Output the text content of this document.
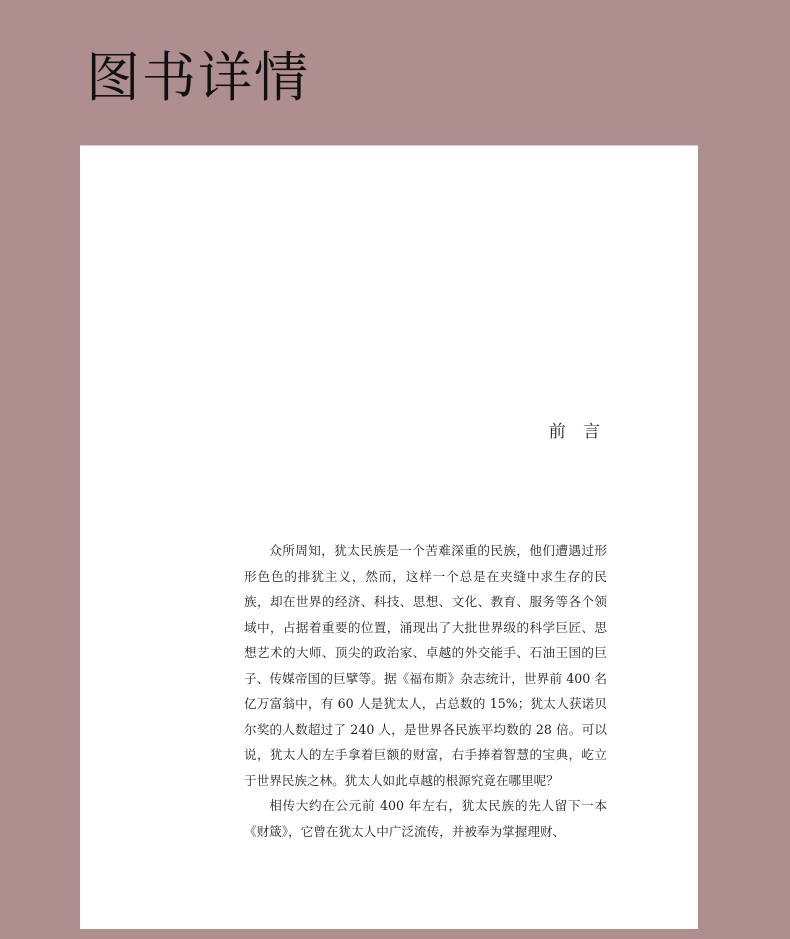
图书详情
前 言

众所周知，犹太民族是一个苦难深重的民族，他们遭遇过形形色色的排犹主义，然而，这样一个总是在夹缝中求生存的民族，却在世界的经济、科技、思想、文化、教育、服务等各个领域中，占据着重要的位置，涌现出了大批世界级的科学巨匠、思想艺术的大师、顶尖的政治家、卓越的外交能手、石油王国的巨子、传媒帝国的巨擘等。据《福布斯》杂志统计，世界前 400 名亿万富翁中，有 60 人是犹太人，占总数的 15%；犹太人获诺贝尔奖的人数超过了 240 人，是世界各民族平均数的 28 倍。可以说，犹太人的左手拿着巨额的财富，右手捧着智慧的宝典，屹立于世界民族之林。犹太人如此卓越的根源究竟在哪里呢？

相传大约在公元前 400 年左右，犹太民族的先人留下一本《财箴》，它曾在犹太人中广泛流传，并被奉为掌握理财、
